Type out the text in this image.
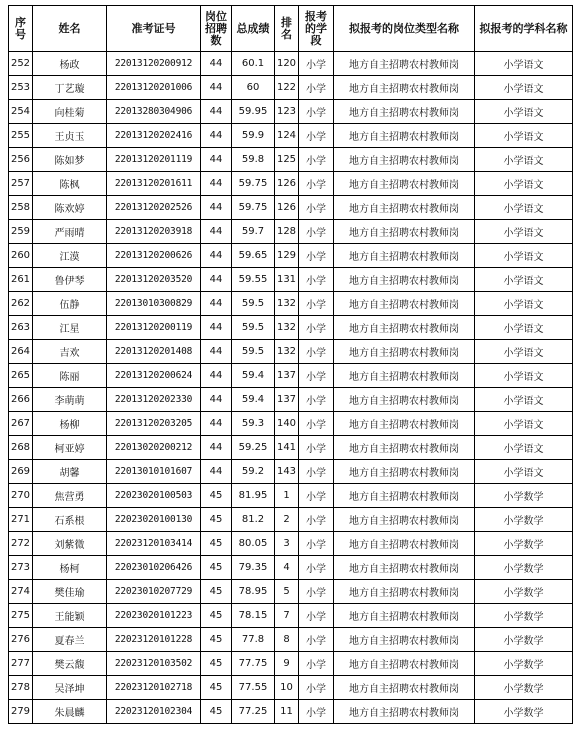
序号	姓名	准考证号	岗位招聘数	总成绩	排名	报考的学段	拟报考的岗位类型名称	拟报考的学科名称
252	杨政	22013120200912	44	60.1	120	小学	地方自主招聘农村教师岗	小学语文
253	丁艺璇	22013120201006	44	60	122	小学	地方自主招聘农村教师岗	小学语文
254	向桂菊	22013280304906	44	59.95	123	小学	地方自主招聘农村教师岗	小学语文
255	王贞玉	22013120202416	44	59.9	124	小学	地方自主招聘农村教师岗	小学语文
256	陈如梦	22013120201119	44	59.8	125	小学	地方自主招聘农村教师岗	小学语文
257	陈枫	22013120201611	44	59.75	126	小学	地方自主招聘农村教师岗	小学语文
258	陈欢婷	22013120202526	44	59.75	126	小学	地方自主招聘农村教师岗	小学语文
259	严雨晴	22013120203918	44	59.7	128	小学	地方自主招聘农村教师岗	小学语文
260	江漠	22013120200626	44	59.65	129	小学	地方自主招聘农村教师岗	小学语文
261	鲁伊琴	22013120203520	44	59.55	131	小学	地方自主招聘农村教师岗	小学语文
262	伍静	22013010300829	44	59.5	132	小学	地方自主招聘农村教师岗	小学语文
263	江星	22013120200119	44	59.5	132	小学	地方自主招聘农村教师岗	小学语文
264	吉欢	22013120201408	44	59.5	132	小学	地方自主招聘农村教师岗	小学语文
265	陈丽	22013120200624	44	59.4	137	小学	地方自主招聘农村教师岗	小学语文
266	李萌萌	22013120202330	44	59.4	137	小学	地方自主招聘农村教师岗	小学语文
267	杨柳	22013120203205	44	59.3	140	小学	地方自主招聘农村教师岗	小学语文
268	柯亚婷	22013020200212	44	59.25	141	小学	地方自主招聘农村教师岗	小学语文
269	胡馨	22013010101607	44	59.2	143	小学	地方自主招聘农村教师岗	小学语文
270	焦营勇	22023020100503	45	81.95	1	小学	地方自主招聘农村教师岗	小学数学
271	石系根	22023020100130	45	81.2	2	小学	地方自主招聘农村教师岗	小学数学
272	刘紫微	22023120103414	45	80.05	3	小学	地方自主招聘农村教师岗	小学数学
273	杨柯	22023010206426	45	79.35	4	小学	地方自主招聘农村教师岗	小学数学
274	樊佳瑜	22023010207729	45	78.95	5	小学	地方自主招聘农村教师岗	小学数学
275	王能颖	22023020101223	45	78.15	7	小学	地方自主招聘农村教师岗	小学数学
276	夏春兰	22023120101228	45	77.8	8	小学	地方自主招聘农村教师岗	小学数学
277	樊云馥	22023120103502	45	77.75	9	小学	地方自主招聘农村教师岗	小学数学
278	吴泽坤	22023120102718	45	77.55	10	小学	地方自主招聘农村教师岗	小学数学
279	朱晨麟	22023120102304	45	77.25	11	小学	地方自主招聘农村教师岗	小学数学
